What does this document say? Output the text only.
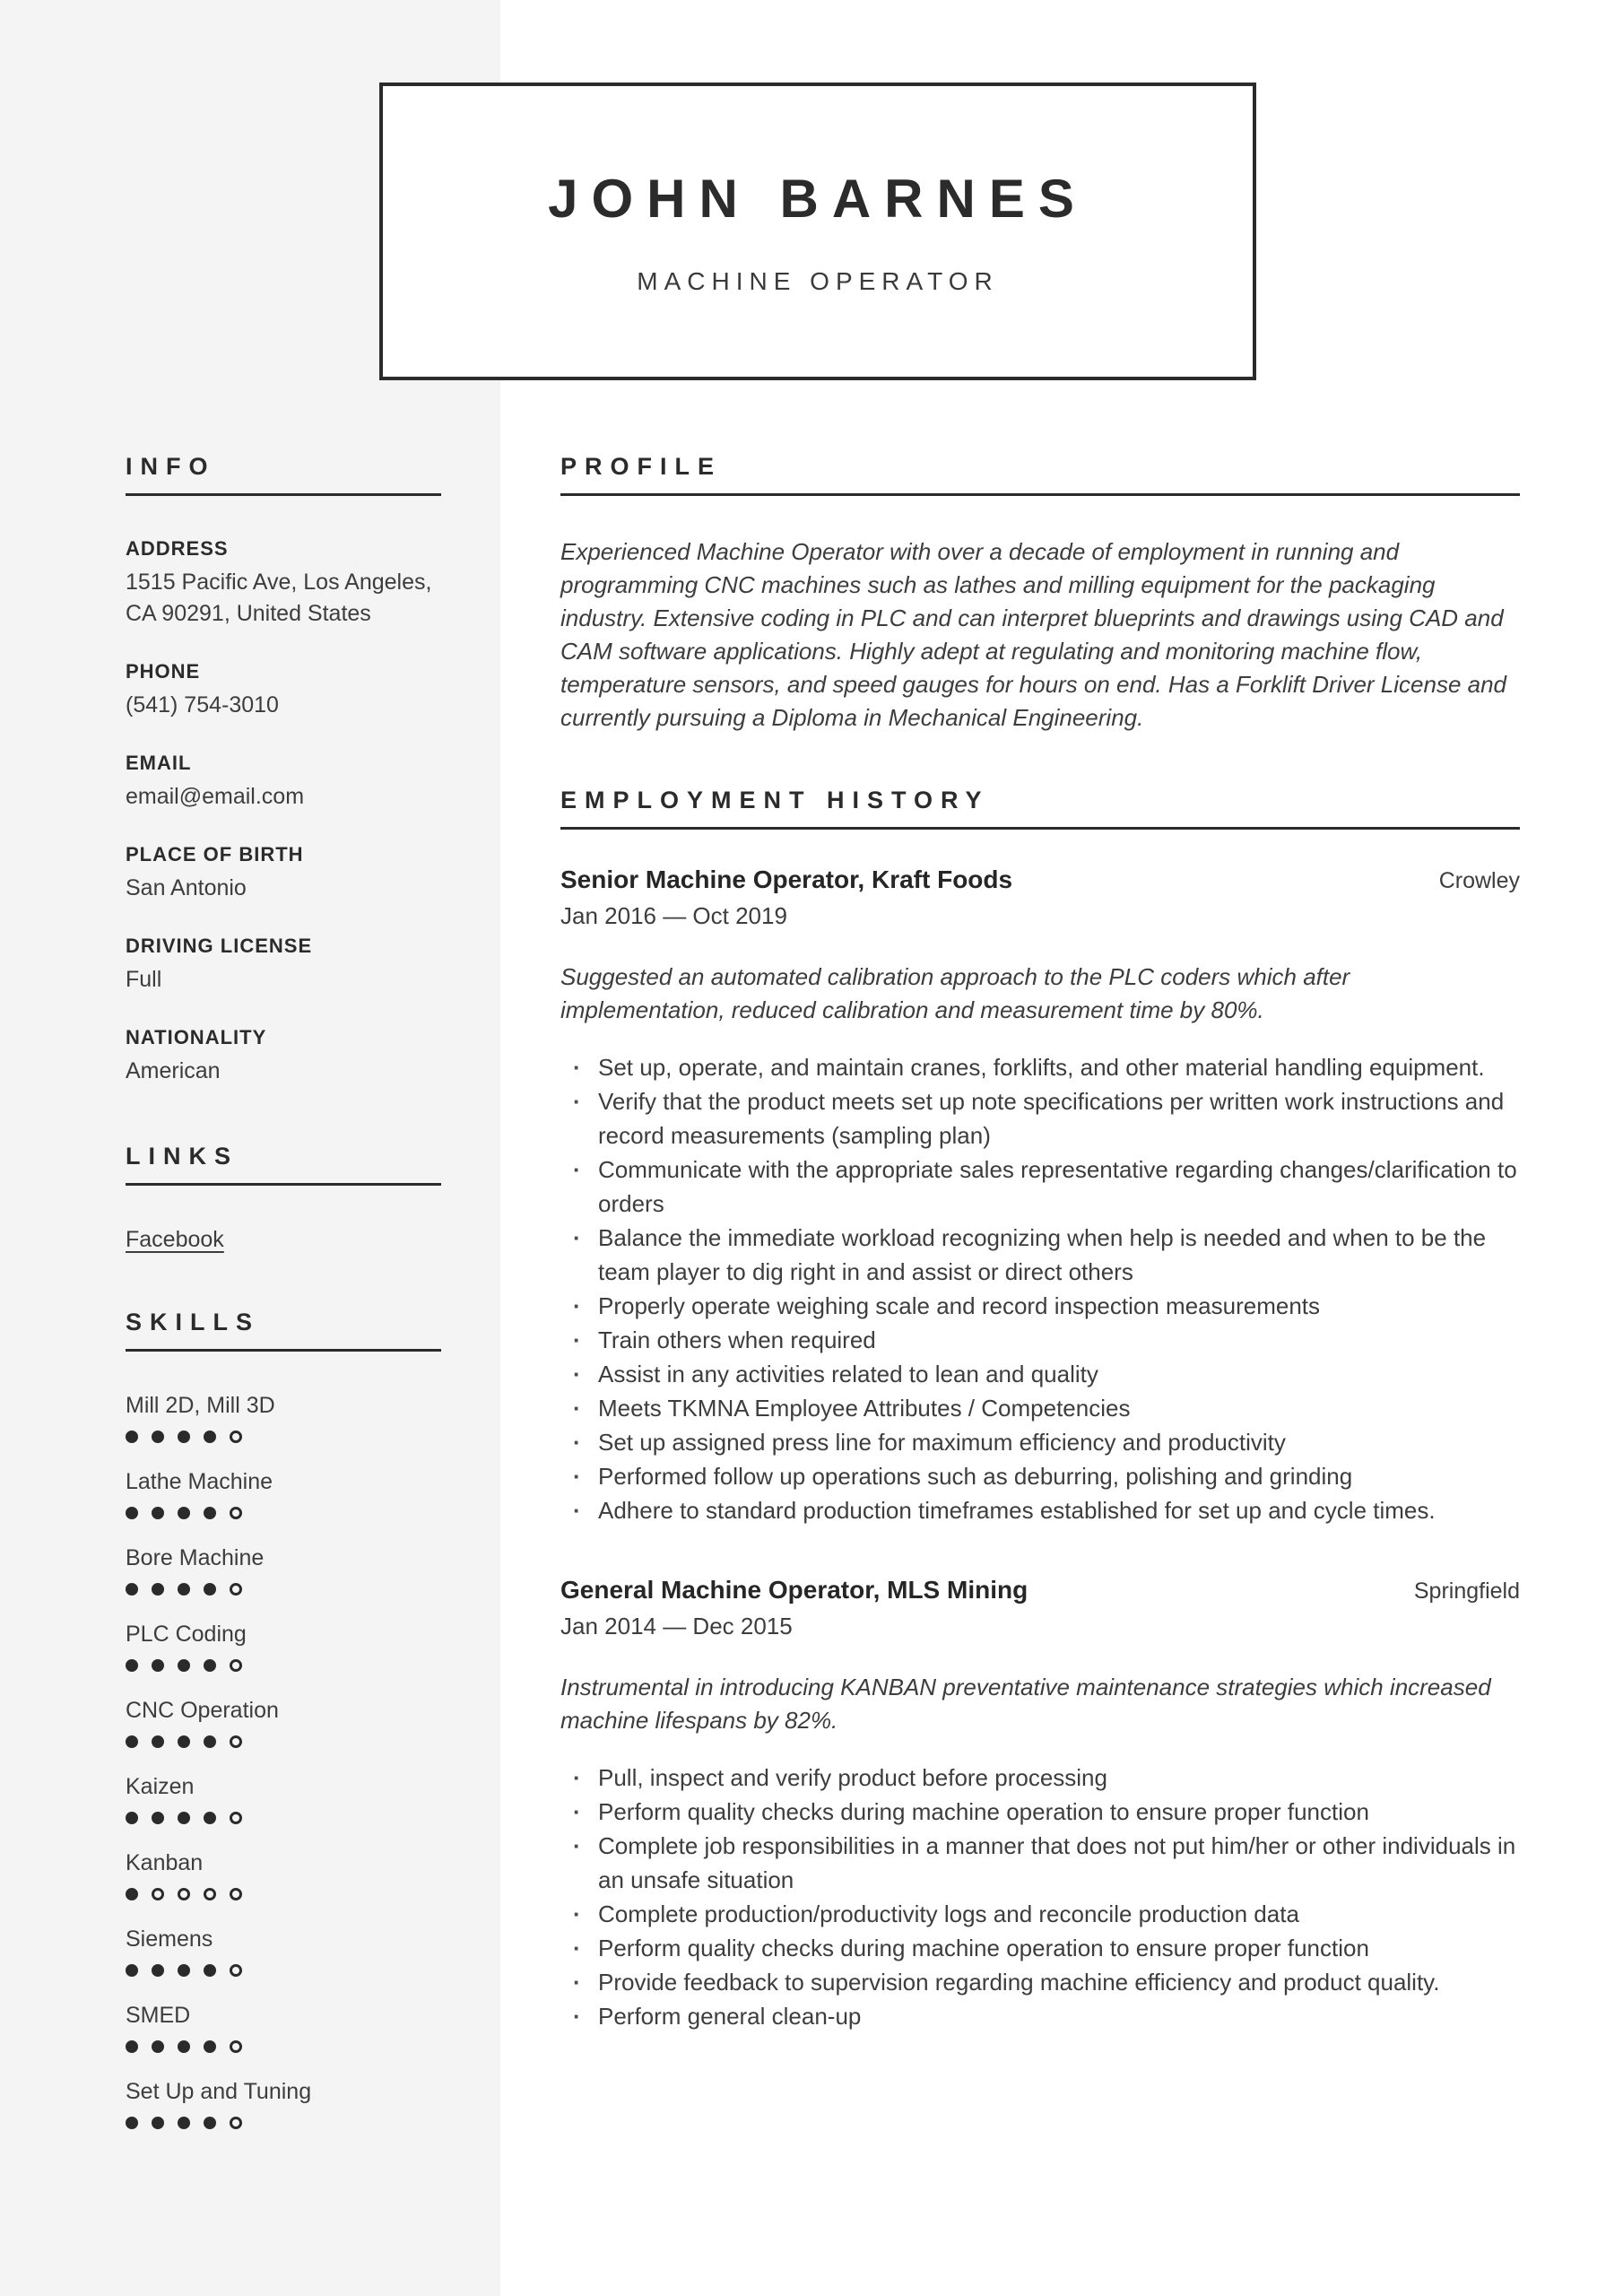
INFO
ADDRESS
1515 Pacific Ave, Los Angeles, CA 90291, United States
PHONE
(541) 754-3010
EMAIL
email@email.com
PLACE OF BIRTH
San Antonio
DRIVING LICENSE
Full
NATIONALITY
American
LINKS
Facebook
SKILLS
Mill 2D, Mill 3D
Lathe Machine
Bore Machine
PLC Coding
CNC Operation
Kaizen
Kanban
Siemens
SMED
Set Up and Tuning
JOHN BARNES
MACHINE OPERATOR
PROFILE

Experienced Machine Operator with over a decade of employment in running and programming CNC machines such as lathes and milling equipment for the packaging industry. Extensive coding in PLC and can interpret blueprints and drawings using CAD and CAM software applications. Highly adept at regulating and monitoring machine flow, temperature sensors, and speed gauges for hours on end. Has a Forklift Driver License and currently pursuing a Diploma in Mechanical Engineering.

EMPLOYMENT HISTORY
Senior Machine Operator, Kraft Foods	Crowley
Jan 2016 — Oct 2019

Suggested an automated calibration approach to the PLC coders which after implementation, reduced calibration and measurement time by 80%.

· Set up, operate, and maintain cranes, forklifts, and other material handling equipment.
· Verify that the product meets set up note specifications per written work instructions and record measurements (sampling plan)
· Communicate with the appropriate sales representative regarding changes/clarification to orders
· Balance the immediate workload recognizing when help is needed and when to be the team player to dig right in and assist or direct others
· Properly operate weighing scale and record inspection measurements
· Train others when required
· Assist in any activities related to lean and quality
· Meets TKMNA Employee Attributes / Competencies
· Set up assigned press line for maximum efficiency and productivity
· Performed follow up operations such as deburring, polishing and grinding
· Adhere to standard production timeframes established for set up and cycle times.
General Machine Operator, MLS Mining	Springfield
Jan 2014 — Dec 2015

Instrumental in introducing KANBAN preventative maintenance strategies which increased machine lifespans by 82%.

· Pull, inspect and verify product before processing
· Perform quality checks during machine operation to ensure proper function
· Complete job responsibilities in a manner that does not put him/her or other individuals in an unsafe situation
· Complete production/productivity logs and reconcile production data
· Perform quality checks during machine operation to ensure proper function
· Provide feedback to supervision regarding machine efficiency and product quality.
· Perform general clean-up
